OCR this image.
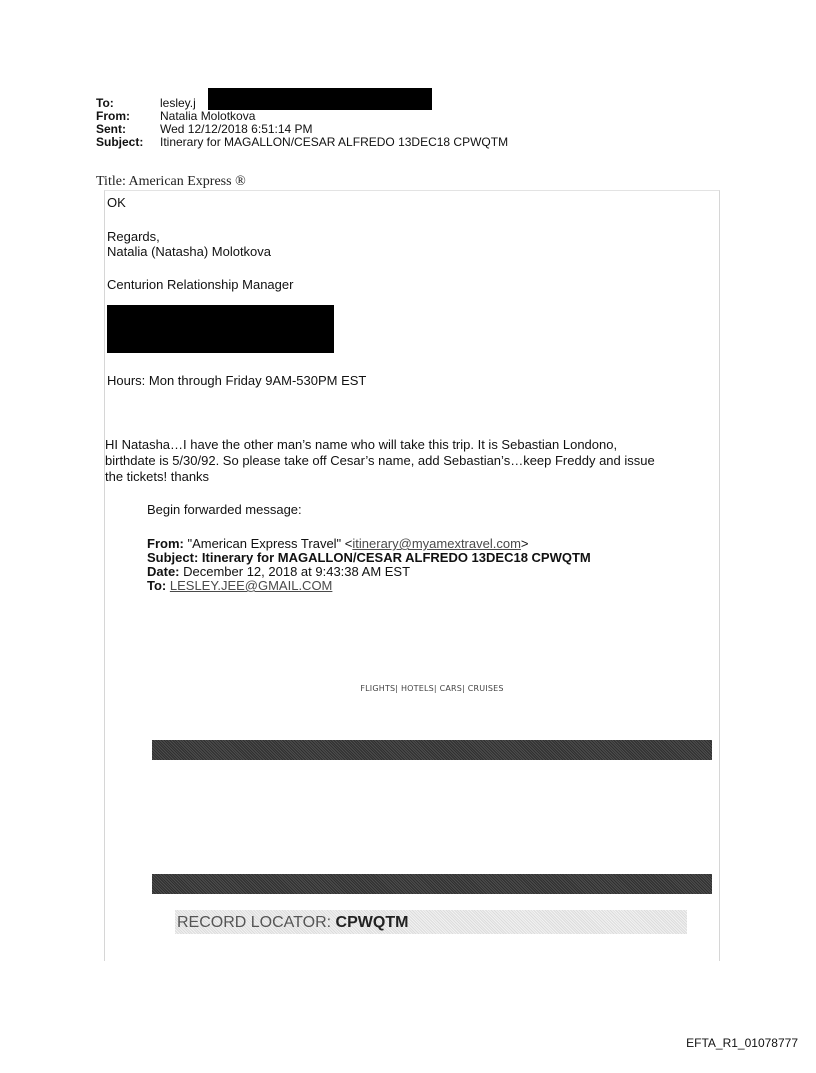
To:	lesley.j
From:	Natalia Molotkova
Sent:	Wed 12/12/2018 6:51:14 PM
Subject: Itinerary for MAGALLON/CESAR ALFREDO 13DEC18 CPWQTM
Title: American Express ®
OK
Regards,
Natalia (Natasha) Molotkova
Centurion Relationship Manager
Hours: Mon through Friday 9AM-530PM EST
HI Natasha…I have the other man’s name who will take this trip. It is Sebastian Londono,
birthdate is 5/30/92. So please take off Cesar’s name, add Sebastian’s…keep Freddy and issue
the tickets! thanks
Begin forwarded message:
From: "American Express Travel" <itinerary@myamextravel.com>
Subject: Itinerary for MAGALLON/CESAR ALFREDO 13DEC18 CPWQTM
Date: December 12, 2018 at 9:43:38 AM EST
To: LESLEY.JEE@GMAIL.COM
FLIGHTS| HOTELS| CARS| CRUISES
RECORD LOCATOR: CPWQTM
EFTA_R1_01078777
